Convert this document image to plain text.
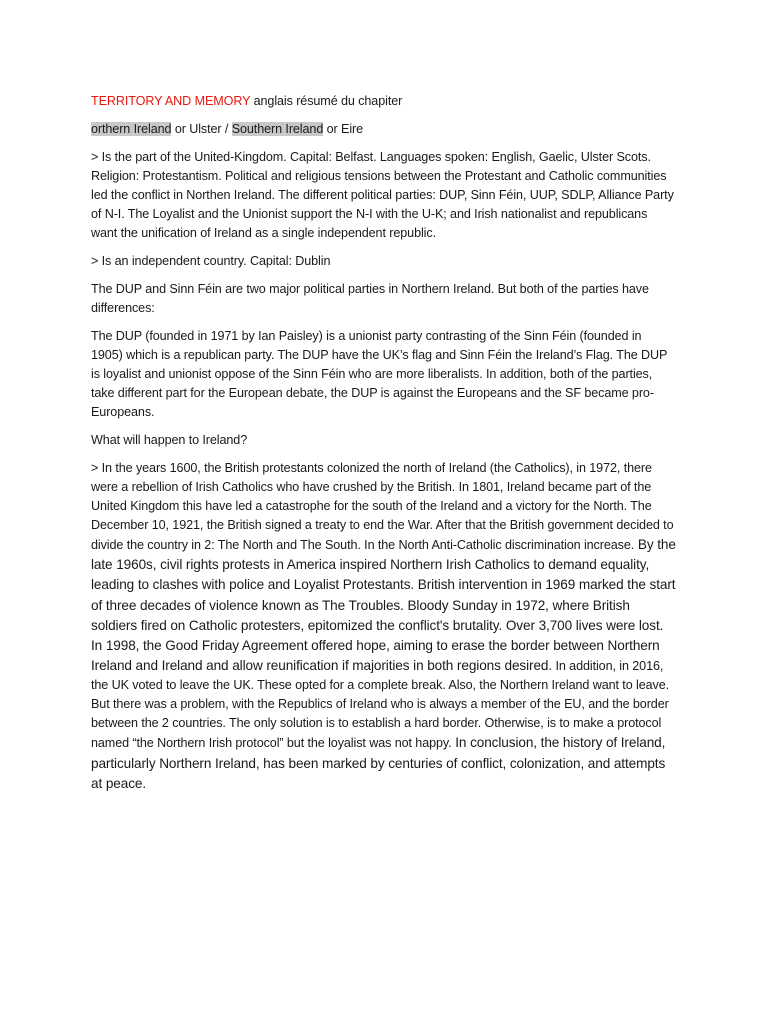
TERRITORY AND MEMORY anglais résumé du chapiter

orthern Ireland or Ulster / Southern Ireland or Eire

> Is the part of the United-Kingdom. Capital: Belfast. Languages spoken: English, Gaelic, Ulster Scots. Religion: Protestantism. Political and religious tensions between the Protestant and Catholic communities led the conflict in Northen Ireland. The different political parties: DUP, Sinn Féin, UUP, SDLP, Alliance Party of N-I. The Loyalist and the Unionist support the N-I with the U-K; and Irish nationalist and republicans want the unification of Ireland as a single independent republic.

> Is an independent country. Capital: Dublin

The DUP and Sinn Féin are two major political parties in Northern Ireland. But both of the parties have differences:

The DUP (founded in 1971 by Ian Paisley) is a unionist party contrasting of the Sinn Féin (founded in 1905) which is a republican party. The DUP have the UK’s flag and Sinn Féin the Ireland’s Flag. The DUP is loyalist and unionist oppose of the Sinn Féin who are more liberalists. In addition, both of the parties, take different part for the European debate, the DUP is against the Europeans and the SF became pro-Europeans.

What will happen to Ireland?

> In the years 1600, the British protestants colonized the north of Ireland (the Catholics), in 1972, there were a rebellion of Irish Catholics who have crushed by the British. In 1801, Ireland became part of the United Kingdom this have led a catastrophe for the south of the Ireland and a victory for the North. The December 10, 1921, the British signed a treaty to end the War. After that the British government decided to divide the country in 2: The North and The South. In the North Anti-Catholic discrimination increase. By the late 1960s, civil rights protests in America inspired Northern Irish Catholics to demand equality, leading to clashes with police and Loyalist Protestants. British intervention in 1969 marked the start of three decades of violence known as The Troubles. Bloody Sunday in 1972, where British soldiers fired on Catholic protesters, epitomized the conflict's brutality. Over 3,700 lives were lost. In 1998, the Good Friday Agreement offered hope, aiming to erase the border between Northern Ireland and Ireland and allow reunification if majorities in both regions desired. In addition, in 2016, the UK voted to leave the UK. These opted for a complete break. Also, the Northern Ireland want to leave. But there was a problem, with the Republics of Ireland who is always a member of the EU, and the border between the 2 countries. The only solution is to establish a hard border. Otherwise, is to make a protocol named “the Northern Irish protocol” but the loyalist was not happy. In conclusion, the history of Ireland, particularly Northern Ireland, has been marked by centuries of conflict, colonization, and attempts at peace.
